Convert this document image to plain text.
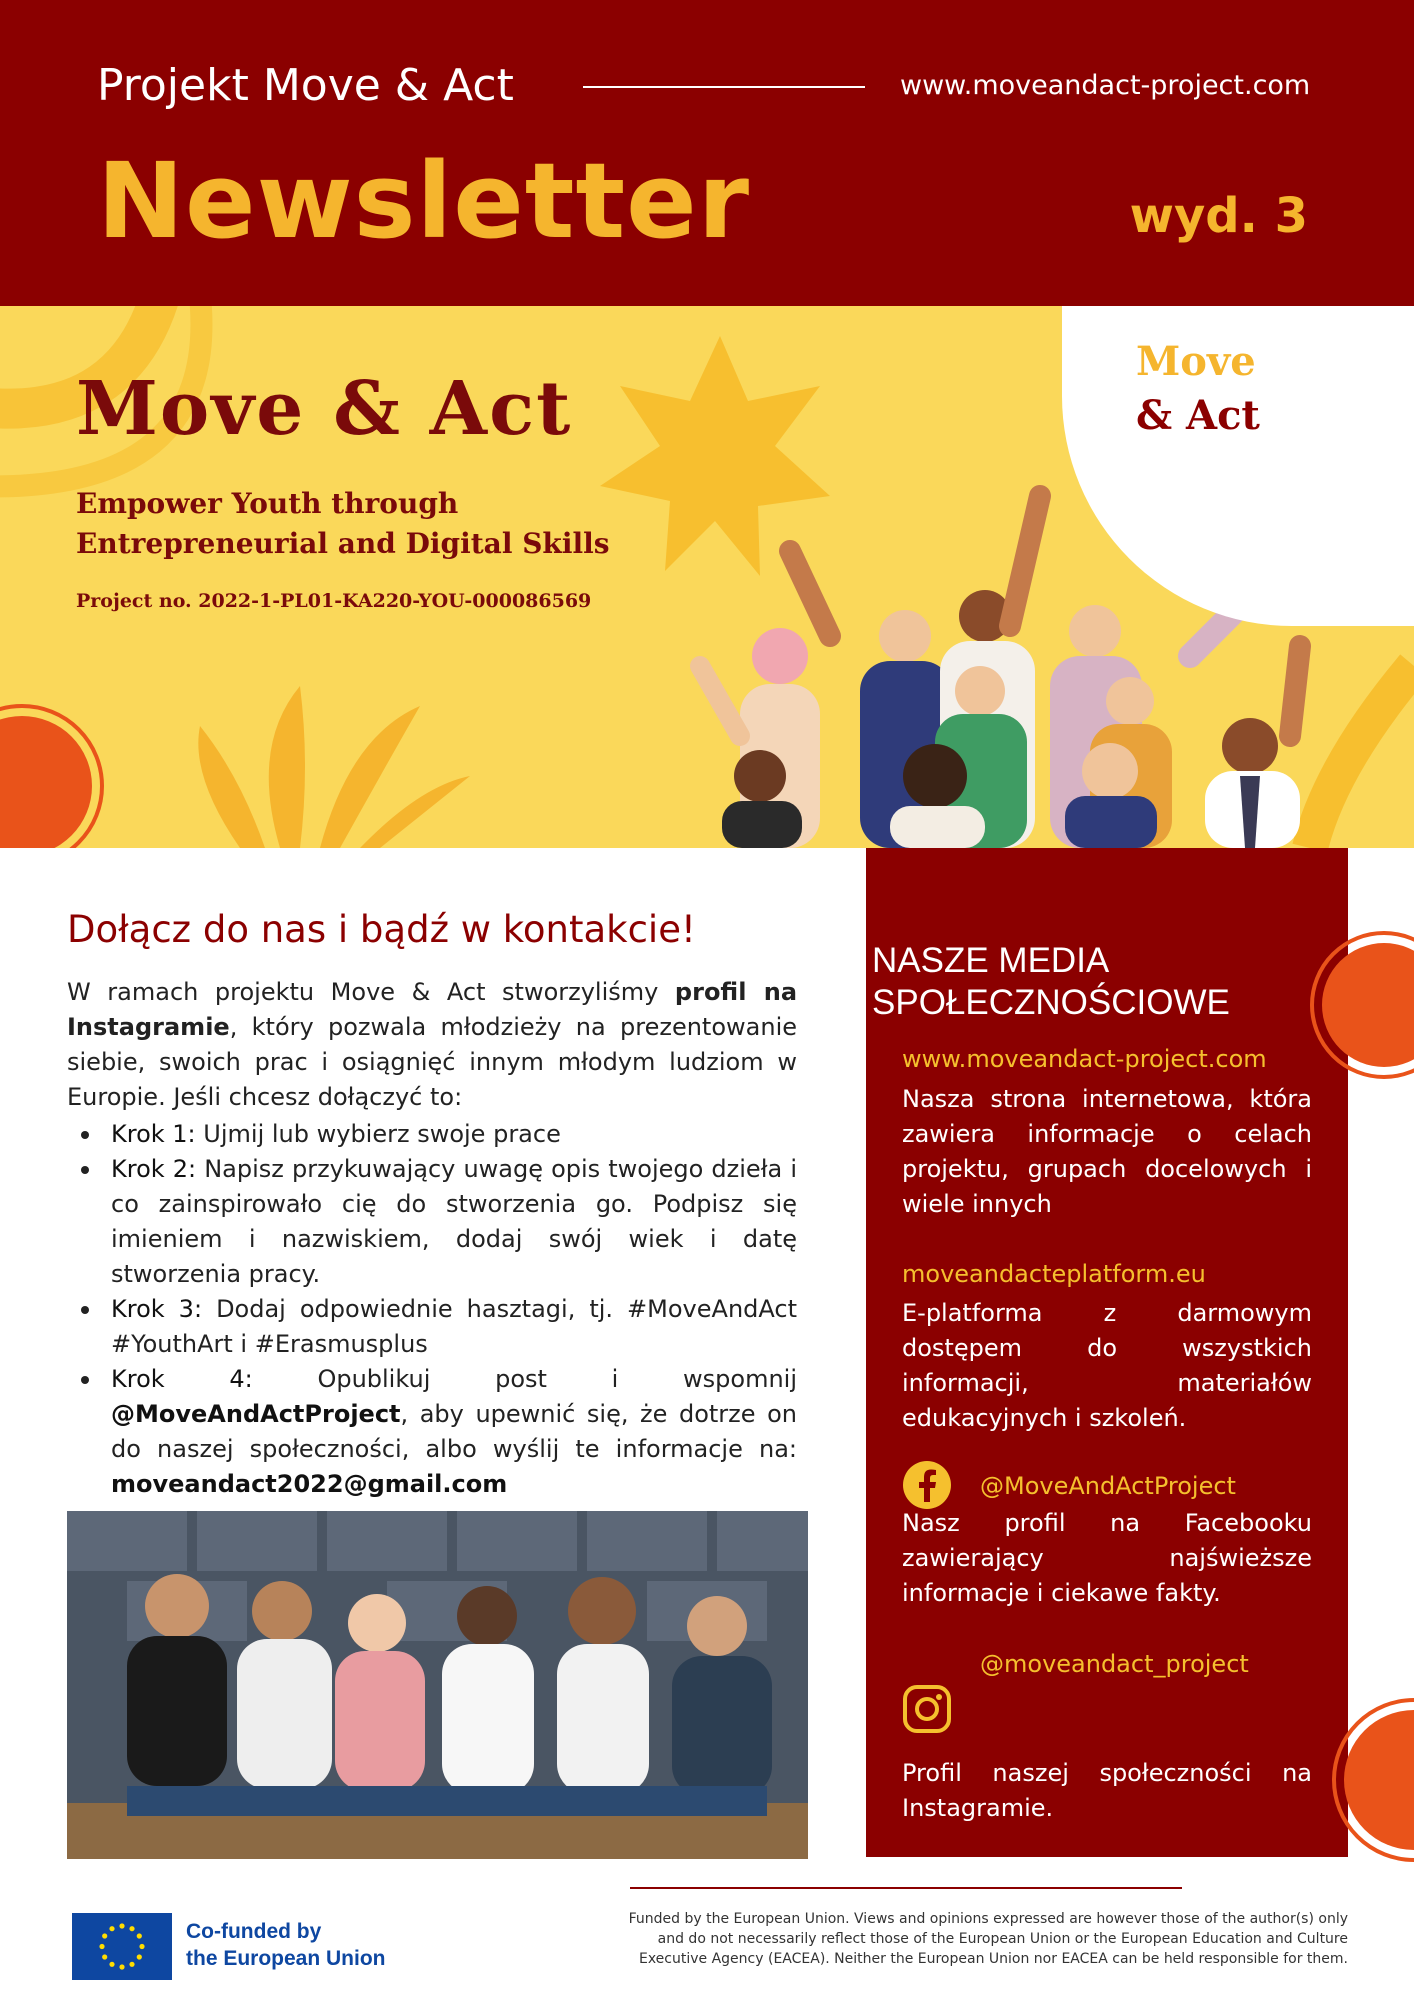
Projekt Move & Act	www.moveandact-project.com
Newsletter	wyd. 3
Move
& Act
Move & Act
Empower Youth through
Entrepreneurial and Digital Skills
Project no. 2022-1-PL01-KA220-YOU-000086569
Dołącz do nas i bądź w kontakcie!
W ramach projektu Move & Act stworzyliśmy profil na Instagramie, który pozwala młodzieży na prezentowanie siebie, swoich prac i osiągnięć innym młodym ludziom w Europie. Jeśli chcesz dołączyć to:
Krok 1: Ujmij lub wybierz swoje prace
Krok 2: Napisz przykuwający uwagę opis twojego dzieła i co zainspirowało cię do stworzenia go. Podpisz się imieniem i nazwiskiem, dodaj swój wiek i datę stworzenia pracy.
Krok 3: Dodaj odpowiednie hasztagi, tj. #MoveAndAct #YouthArt i #Erasmusplus
Krok 4: Opublikuj post i wspomnij @MoveAndActProject, aby upewnić się, że dotrze on do naszej społeczności, albo wyślij te informacje na: moveandact2022@gmail.com
NASZE MEDIA
SPOŁECZNOŚCIOWE
www.moveandact-project.com
Nasza strona internetowa, która zawiera informacje o celach projektu, grupach docelowych i wiele innych
moveandacteplatform.eu
E-platforma z darmowym dostępem do wszystkich informacji, materiałów edukacyjnych i szkoleń.
@MoveAndActProject
Nasz profil na Facebooku zawierający najświeższe informacje i ciekawe fakty.
@moveandact_project
Profil naszej społeczności na Instagramie.
Co-funded by
the European Union
Funded by the European Union. Views and opinions expressed are however those of the author(s) only
and do not necessarily reflect those of the European Union or the European Education and Culture
Executive Agency (EACEA). Neither the European Union nor EACEA can be held responsible for them.
